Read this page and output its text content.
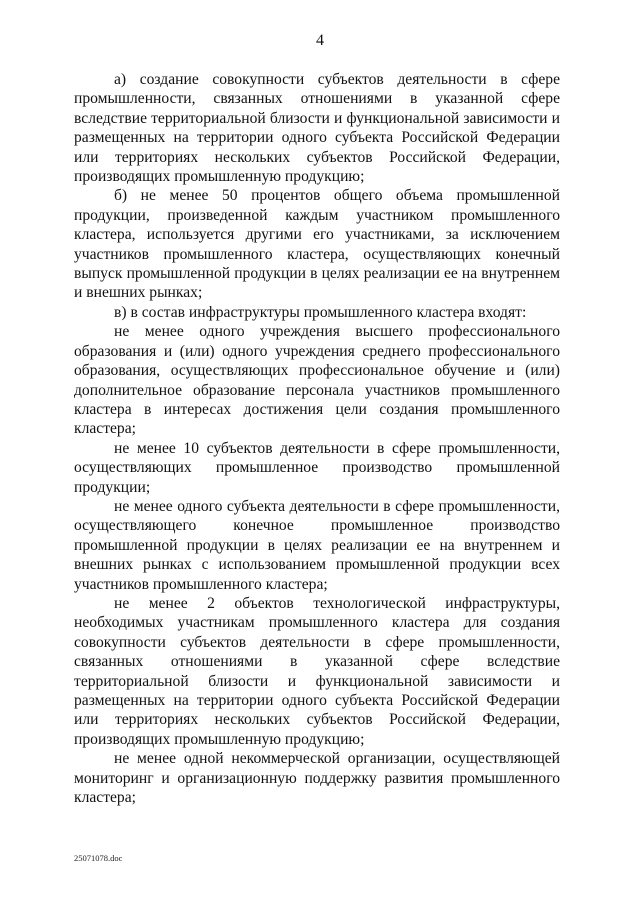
4

а) создание совокупности субъектов деятельности в сфере промышленности, связанных отношениями в указанной сфере вследствие территориальной близости и функциональной зависимости и размещенных на территории одного субъекта Российской Федерации или территориях нескольких субъектов Российской Федерации, производящих промышленную продукцию;

б) не менее 50 процентов общего объема промышленной продукции, произведенной каждым участником промышленного кластера, используется другими его участниками, за исключением участников промышленного кластера, осуществляющих конечный выпуск промышленной продукции в целях реализации ее на внутреннем и внешних рынках;

в) в состав инфраструктуры промышленного кластера входят:

не менее одного учреждения высшего профессионального образования и (или) одного учреждения среднего профессионального образования, осуществляющих профессиональное обучение и (или) дополнительное образование персонала участников промышленного кластера в интересах достижения цели создания промышленного кластера;

не менее 10 субъектов деятельности в сфере промышленности, осуществляющих промышленное производство промышленной продукции;

не менее одного субъекта деятельности в сфере промышленности, осуществляющего конечное промышленное производство промышленной продукции в целях реализации ее на внутреннем и внешних рынках с использованием промышленной продукции всех участников промышленного кластера;

не менее 2 объектов технологической инфраструктуры, необходимых участникам промышленного кластера для создания совокупности субъектов деятельности в сфере промышленности, связанных отношениями в указанной сфере вследствие территориальной близости и функциональной зависимости и размещенных на территории одного субъекта Российской Федерации или территориях нескольких субъектов Российской Федерации, производящих промышленную продукцию;

не менее одной некоммерческой организации, осуществляющей мониторинг и организационную поддержку развития промышленного кластера;

25071078.doc
